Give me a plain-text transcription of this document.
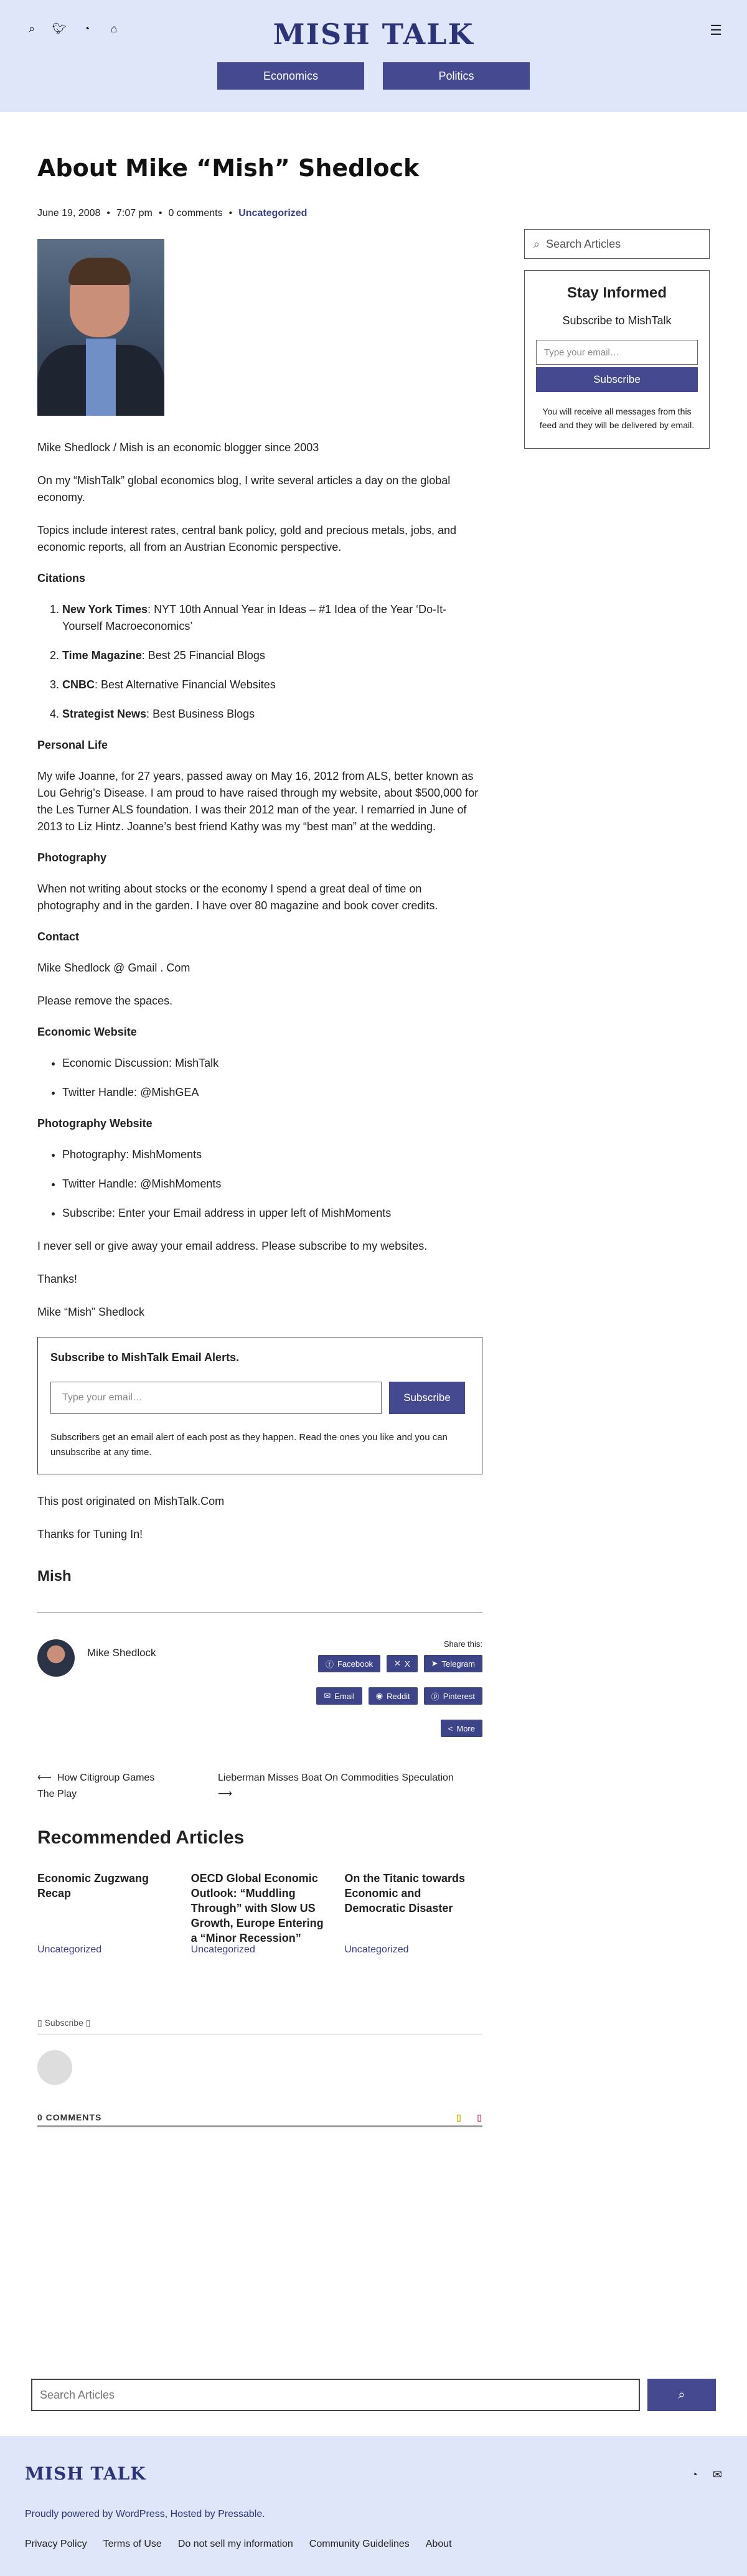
⌕	🐦︎	◔	⌂	MISH TALK	☰
Economics	Politics
About Mike “Mish” Shedlock
June 19, 2008 • 7:07 pm • 0 comments • Uncategorized

Mike Shedlock / Mish is an economic blogger since 2003

On my “MishTalk” global economics blog, I write several articles a day on the global economy.

Topics include interest rates, central bank policy, gold and precious metals, jobs, and economic reports, all from an Austrian Economic perspective.

Citations
1. New York Times: NYT 10th Annual Year in Ideas – #1 Idea of the Year ‘Do-It-Yourself Macroeconomics’
2. Time Magazine: Best 25 Financial Blogs
3. CNBC: Best Alternative Financial Websites
4. Strategist News: Best Business Blogs
Personal Life

My wife Joanne, for 27 years, passed away on May 16, 2012 from ALS, better known as Lou Gehrig’s Disease. I am proud to have raised through my website, about $500,000 for the Les Turner ALS foundation. I was their 2012 man of the year. I remarried in June of 2013 to Liz Hintz. Joanne’s best friend Kathy was my “best man” at the wedding.

Photography

When not writing about stocks or the economy I spend a great deal of time on photography and in the garden. I have over 80 magazine and book cover credits.

Contact

Mike Shedlock @ Gmail . Com

Please remove the spaces.

Economic Website
• Economic Discussion: MishTalk
• Twitter Handle: @MishGEA
Photography Website
• Photography: MishMoments
• Twitter Handle: @MishMoments
• Subscribe: Enter your Email address in upper left of MishMoments

I never sell or give away your email address. Please subscribe to my websites.

Thanks!

Mike “Mish” Shedlock

Subscribe to MishTalk Email Alerts.
Type your email…	Subscribe
Subscribers get an email alert of each post as they happen. Read the ones you like and you can unsubscribe at any time.

This post originated on MishTalk.Com

Thanks for Tuning In!

Mish
Mike Shedlock
Share this:
ⓕ Facebook	✕ X	➤ Telegram
✉ Email	◉ Reddit	ⓟ Pinterest
< More
⟵  How Citigroup Games The Play
Lieberman Misses Boat On Commodities Speculation
⟶
Recommended Articles
Economic Zugzwang Recap
Uncategorized
OECD Global Economic Outlook: “Muddling Through” with Slow US Growth, Europe Entering a “Minor Recession”
Uncategorized
On the Titanic towards Economic and Democratic Disaster
Uncategorized
▯ Subscribe ▯
0 COMMENTS	▯     ▯
⌕ Search Articles
Stay Informed
Subscribe to MishTalk
Type your email…
Subscribe
You will receive all messages from this feed and they will be delivered by email.
Search Articles	⌕
MISH TALK	◔ ✉
Proudly powered by WordPress, Hosted by Pressable.
Privacy Policy Terms of Use Do not sell my information Community Guidelines About
